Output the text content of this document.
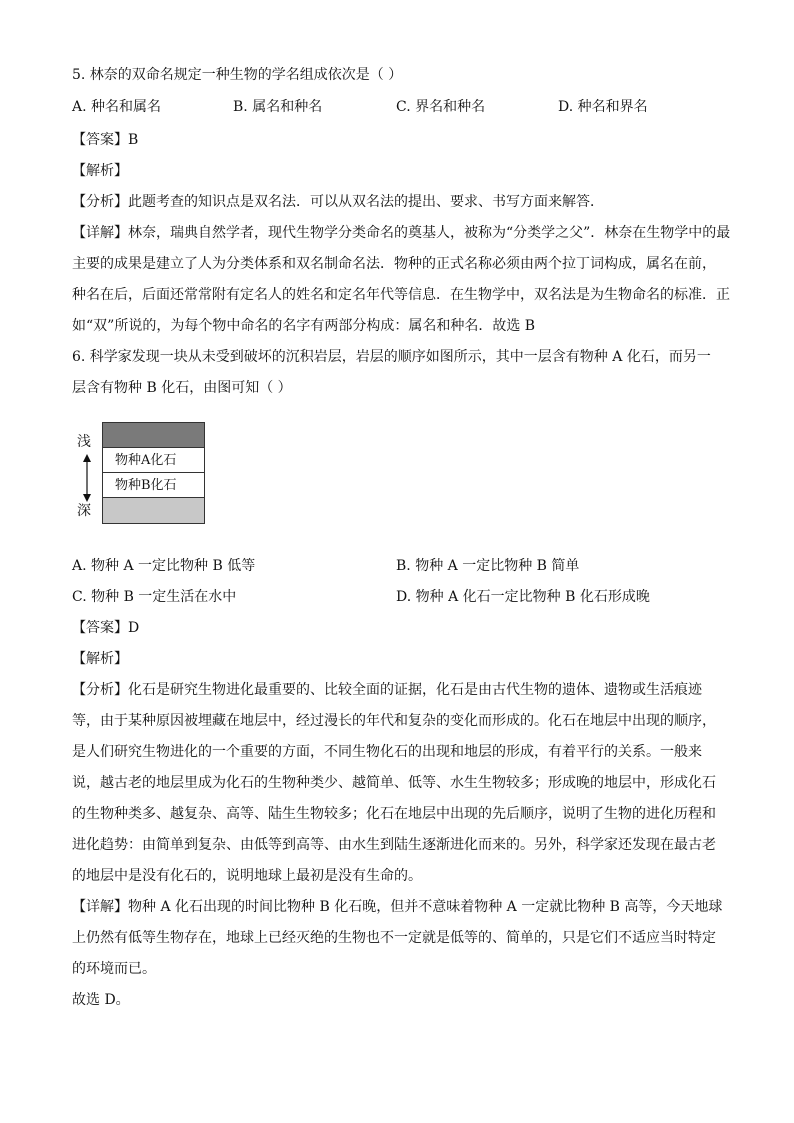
5. 林奈的双命名规定一种生物的学名组成依次是（ ）
A. 种名和属名	B. 属名和种名	C. 界名和种名	D. 种名和界名
【答案】B
【解析】
【分析】此题考查的知识点是双名法．可以从双名法的提出、要求、书写方面来解答．
【详解】林奈，瑞典自然学者，现代生物学分类命名的奠基人，被称为“分类学之父”．林奈在生物学中的最
主要的成果是建立了人为分类体系和双名制命名法．物种的正式名称必须由两个拉丁词构成，属名在前，
种名在后，后面还常常附有定名人的姓名和定名年代等信息．在生物学中，双名法是为生物命名的标准．正
如“双”所说的，为每个物中命名的名字有两部分构成：属名和种名．故选 B
6. 科学家发现一块从未受到破坏的沉积岩层，岩层的顺序如图所示，其中一层含有物种 A 化石，而另一
层含有物种 B 化石，由图可知（ ）
浅
深
物种A化石
物种B化石
A. 物种 A 一定比物种 B 低等	B. 物种 A 一定比物种 B 简单
C. 物种 B 一定生活在水中	D. 物种 A 化石一定比物种 B 化石形成晚
【答案】D
【解析】
【分析】化石是研究生物进化最重要的、比较全面的证据，化石是由古代生物的遗体、遗物或生活痕迹
等，由于某种原因被埋藏在地层中，经过漫长的年代和复杂的变化而形成的。化石在地层中出现的顺序，
是人们研究生物进化的一个重要的方面，不同生物化石的出现和地层的形成，有着平行的关系。一般来
说，越古老的地层里成为化石的生物种类少、越简单、低等、水生生物较多；形成晚的地层中，形成化石
的生物种类多、越复杂、高等、陆生生物较多；化石在地层中出现的先后顺序，说明了生物的进化历程和
进化趋势：由简单到复杂、由低等到高等、由水生到陆生逐渐进化而来的。另外，科学家还发现在最古老
的地层中是没有化石的，说明地球上最初是没有生命的。
【详解】物种 A 化石出现的时间比物种 B 化石晚，但并不意味着物种 A 一定就比物种 B 高等，今天地球
上仍然有低等生物存在，地球上已经灭绝的生物也不一定就是低等的、简单的，只是它们不适应当时特定
的环境而已。
故选 D。
